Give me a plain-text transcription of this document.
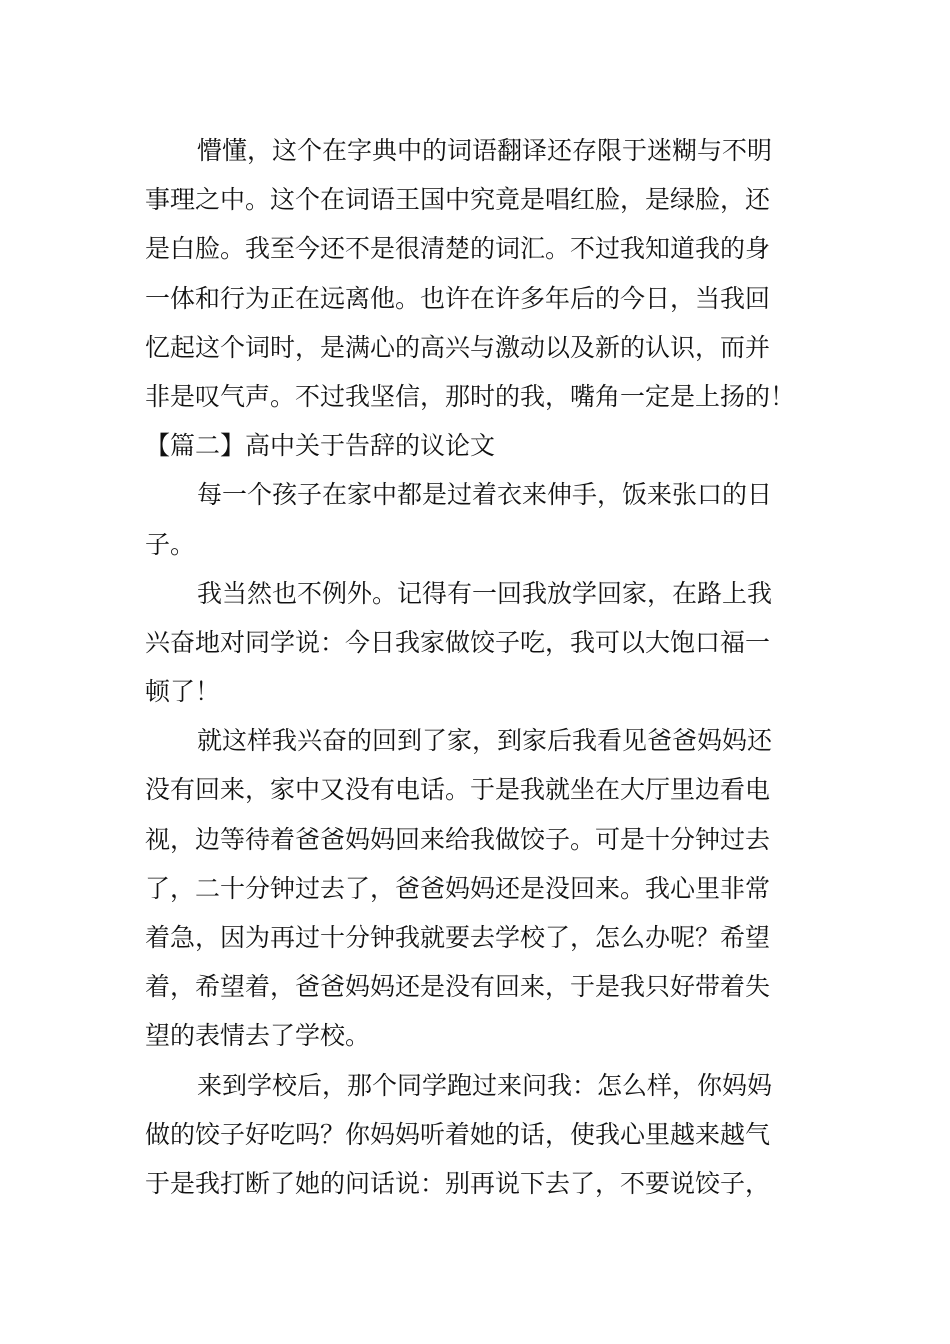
懵懂，这个在字典中的词语翻译还存限于迷糊与不明
事理之中。这个在词语王国中究竟是唱红脸，是绿脸，还
是白脸。我至今还不是很清楚的词汇。不过我知道我的身
一体和行为正在远离他。也许在许多年后的今日，当我回
忆起这个词时，是满心的高兴与激动以及新的认识，而并
非是叹气声。不过我坚信，那时的我，嘴角一定是上扬的！
【篇二】高中关于告辞的议论文
每一个孩子在家中都是过着衣来伸手，饭来张口的日
子。
我当然也不例外。记得有一回我放学回家，在路上我
兴奋地对同学说：今日我家做饺子吃，我可以大饱口福一
顿了！
就这样我兴奋的回到了家，到家后我看见爸爸妈妈还
没有回来，家中又没有电话。于是我就坐在大厅里边看电
视，边等待着爸爸妈妈回来给我做饺子。可是十分钟过去
了，二十分钟过去了，爸爸妈妈还是没回来。我心里非常
着急，因为再过十分钟我就要去学校了，怎么办呢？希望
着，希望着，爸爸妈妈还是没有回来，于是我只好带着失
望的表情去了学校。
来到学校后，那个同学跑过来问我：怎么样，你妈妈
做的饺子好吃吗？你妈妈听着她的话，使我心里越来越气
于是我打断了她的问话说：别再说下去了，不要说饺子，
